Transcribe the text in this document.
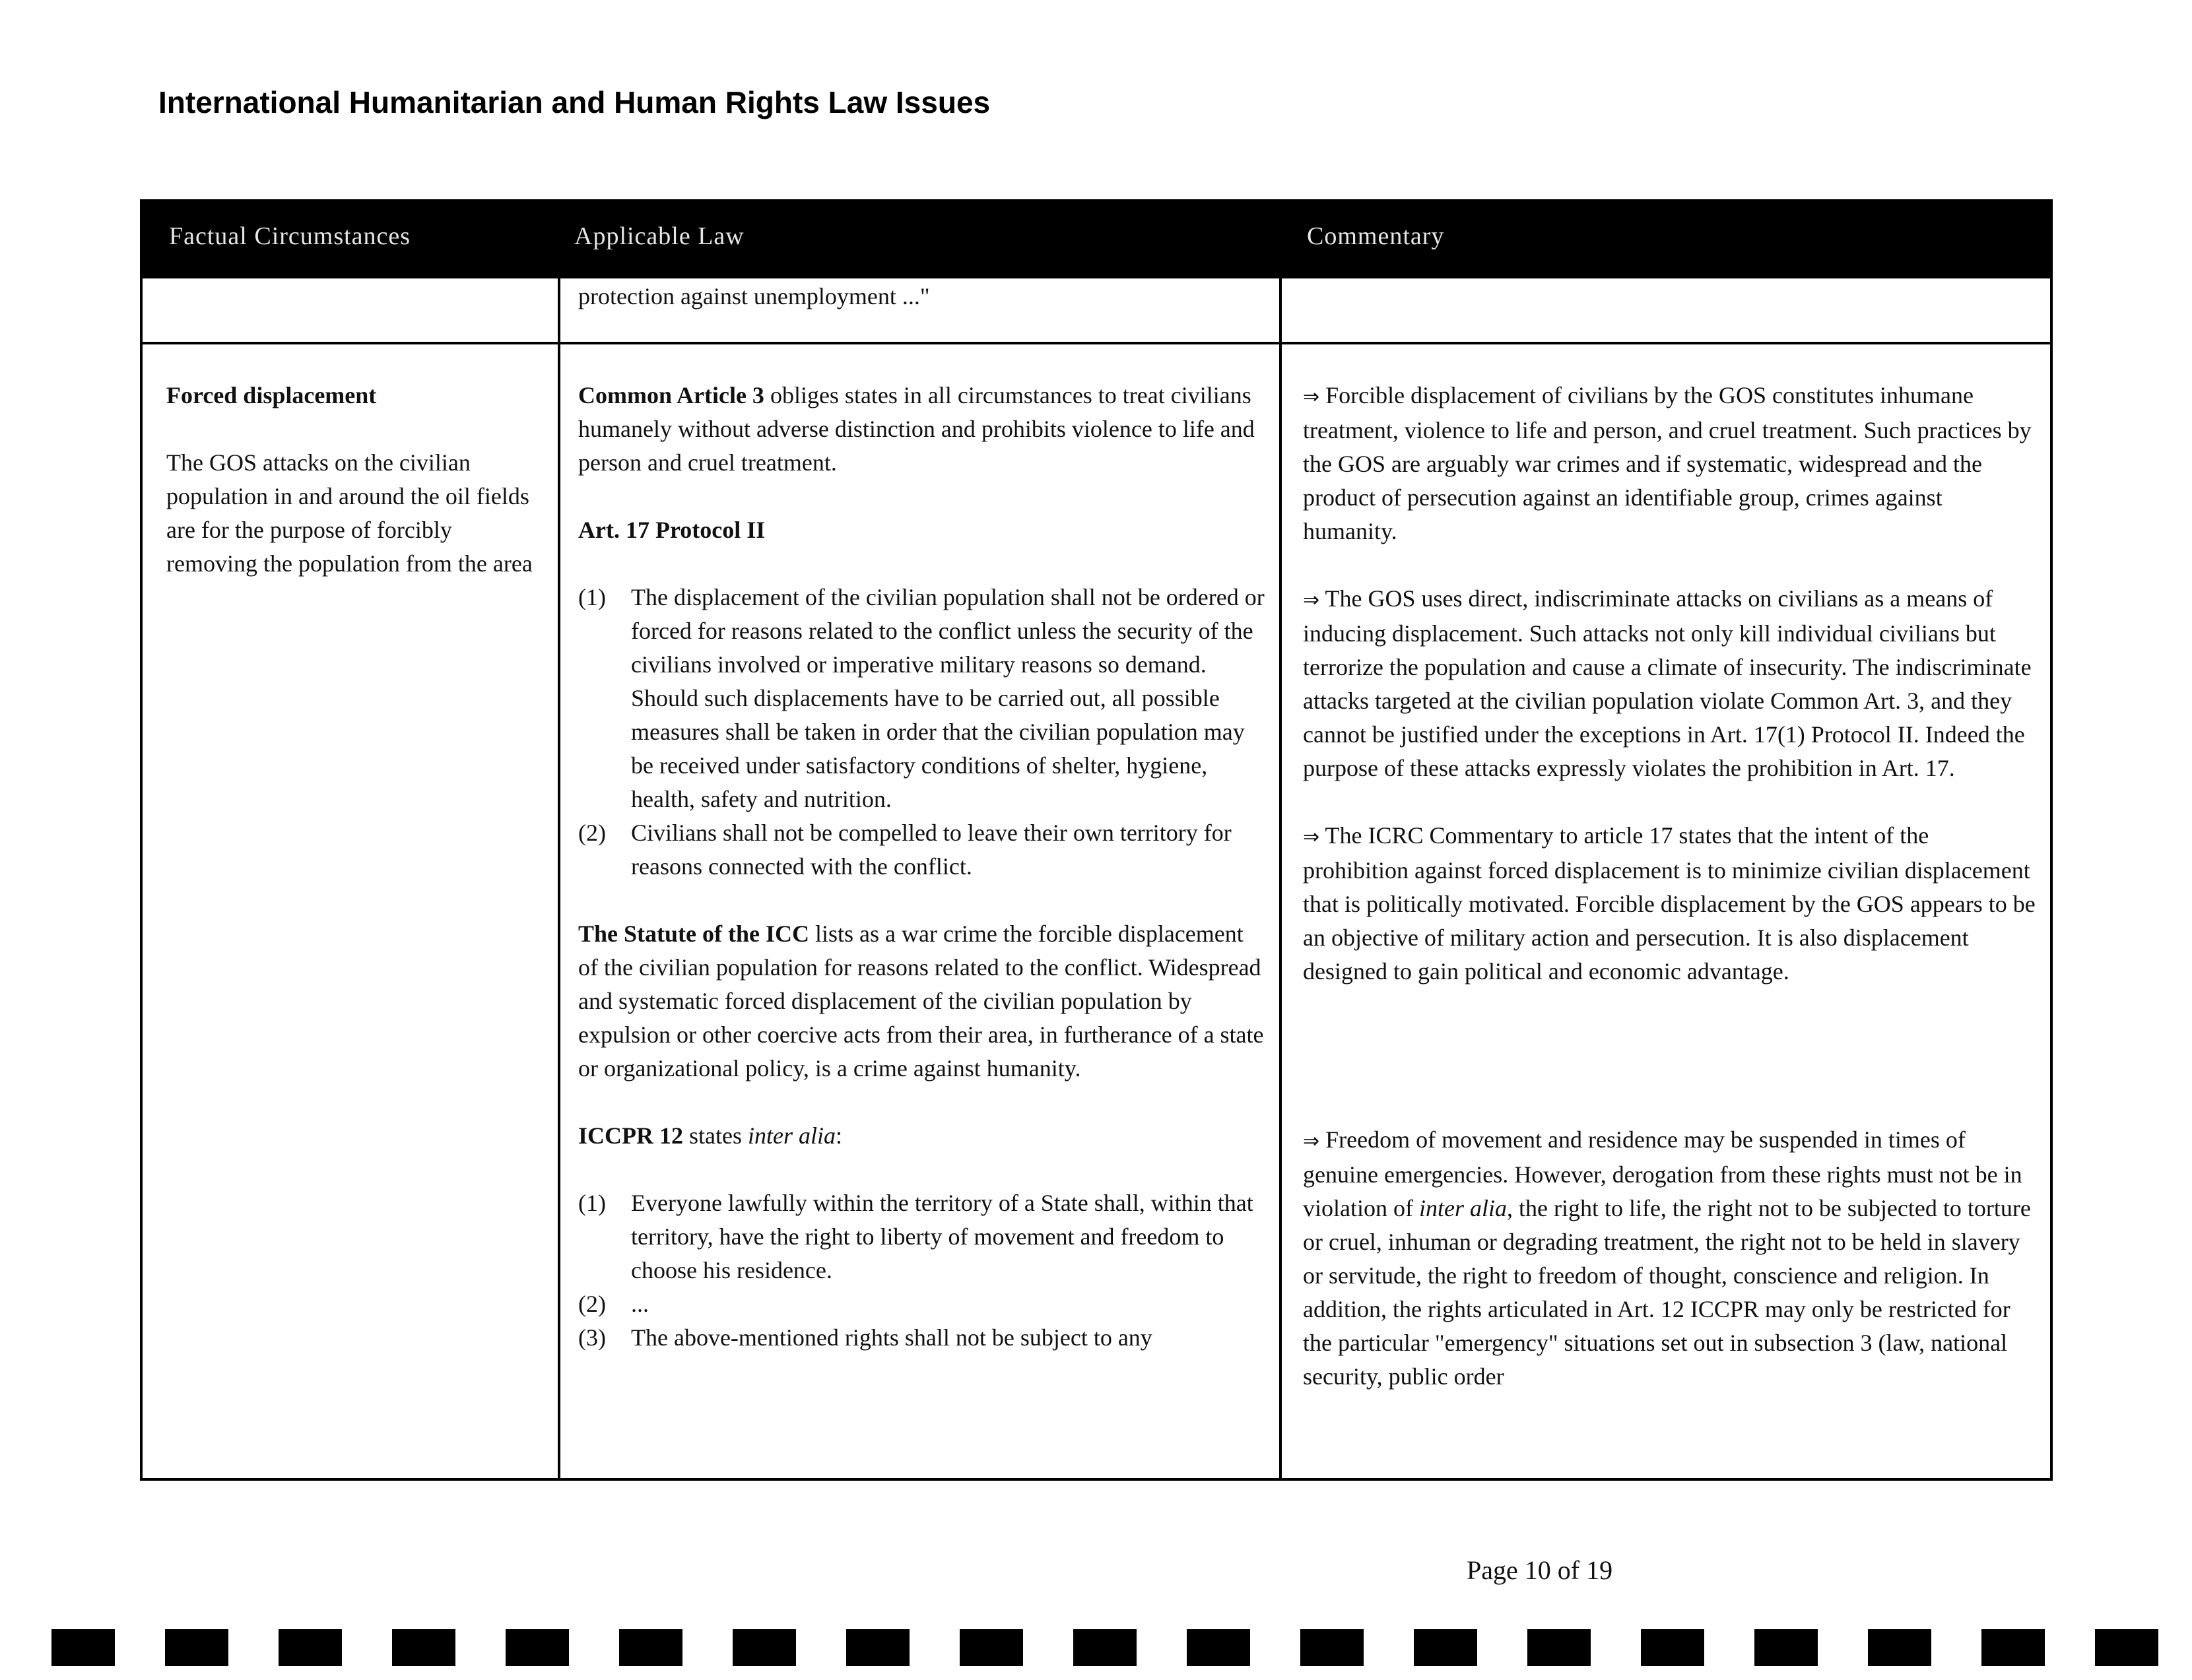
International Humanitarian and Human Rights Law Issues
Factual Circumstances	Applicable Law	Commentary

protection against unemployment ..."

Forced displacement

The GOS attacks on the civilian population in and around the oil fields are for the purpose of forcibly removing the population from the area

Common Article 3 obliges states in all circumstances to treat civilians humanely without adverse distinction and prohibits violence to life and person and cruel treatment.

Art. 17 Protocol II

(1) The displacement of the civilian population shall not be ordered or forced for reasons related to the conflict unless the security of the civilians involved or imperative military reasons so demand. Should such displacements have to be carried out, all possible measures shall be taken in order that the civilian population may be received under satisfactory conditions of shelter, hygiene, health, safety and nutrition.
(2) Civilians shall not be compelled to leave their own territory for reasons connected with the conflict.

The Statute of the ICC lists as a war crime the forcible displacement of the civilian population for reasons related to the conflict. Widespread and systematic forced displacement of the civilian population by expulsion or other coercive acts from their area, in furtherance of a state or organizational policy, is a crime against humanity.

ICCPR 12 states inter alia:

(1) Everyone lawfully within the territory of a State shall, within that territory, have the right to liberty of movement and freedom to choose his residence.
(2) ...
(3) The above-mentioned rights shall not be subject to any

⇒ Forcible displacement of civilians by the GOS constitutes inhumane treatment, violence to life and person, and cruel treatment. Such practices by the GOS are arguably war crimes and if systematic, widespread and the product of persecution against an identifiable group, crimes against humanity.

⇒ The GOS uses direct, indiscriminate attacks on civilians as a means of inducing displacement. Such attacks not only kill individual civilians but terrorize the population and cause a climate of insecurity. The indiscriminate attacks targeted at the civilian population violate Common Art. 3, and they cannot be justified under the exceptions in Art. 17(1) Protocol II. Indeed the purpose of these attacks expressly violates the prohibition in Art. 17.

⇒ The ICRC Commentary to article 17 states that the intent of the prohibition against forced displacement is to minimize civilian displacement that is politically motivated. Forcible displacement by the GOS appears to be an objective of military action and persecution. It is also displacement designed to gain political and economic advantage.

⇒ Freedom of movement and residence may be suspended in times of genuine emergencies. However, derogation from these rights must not be in violation of inter alia, the right to life, the right not to be subjected to torture or cruel, inhuman or degrading treatment, the right not to be held in slavery or servitude, the right to freedom of thought, conscience and religion. In addition, the rights articulated in Art. 12 ICCPR may only be restricted for the particular "emergency" situations set out in subsection 3 (law, national security, public order

Page 10 of 19
